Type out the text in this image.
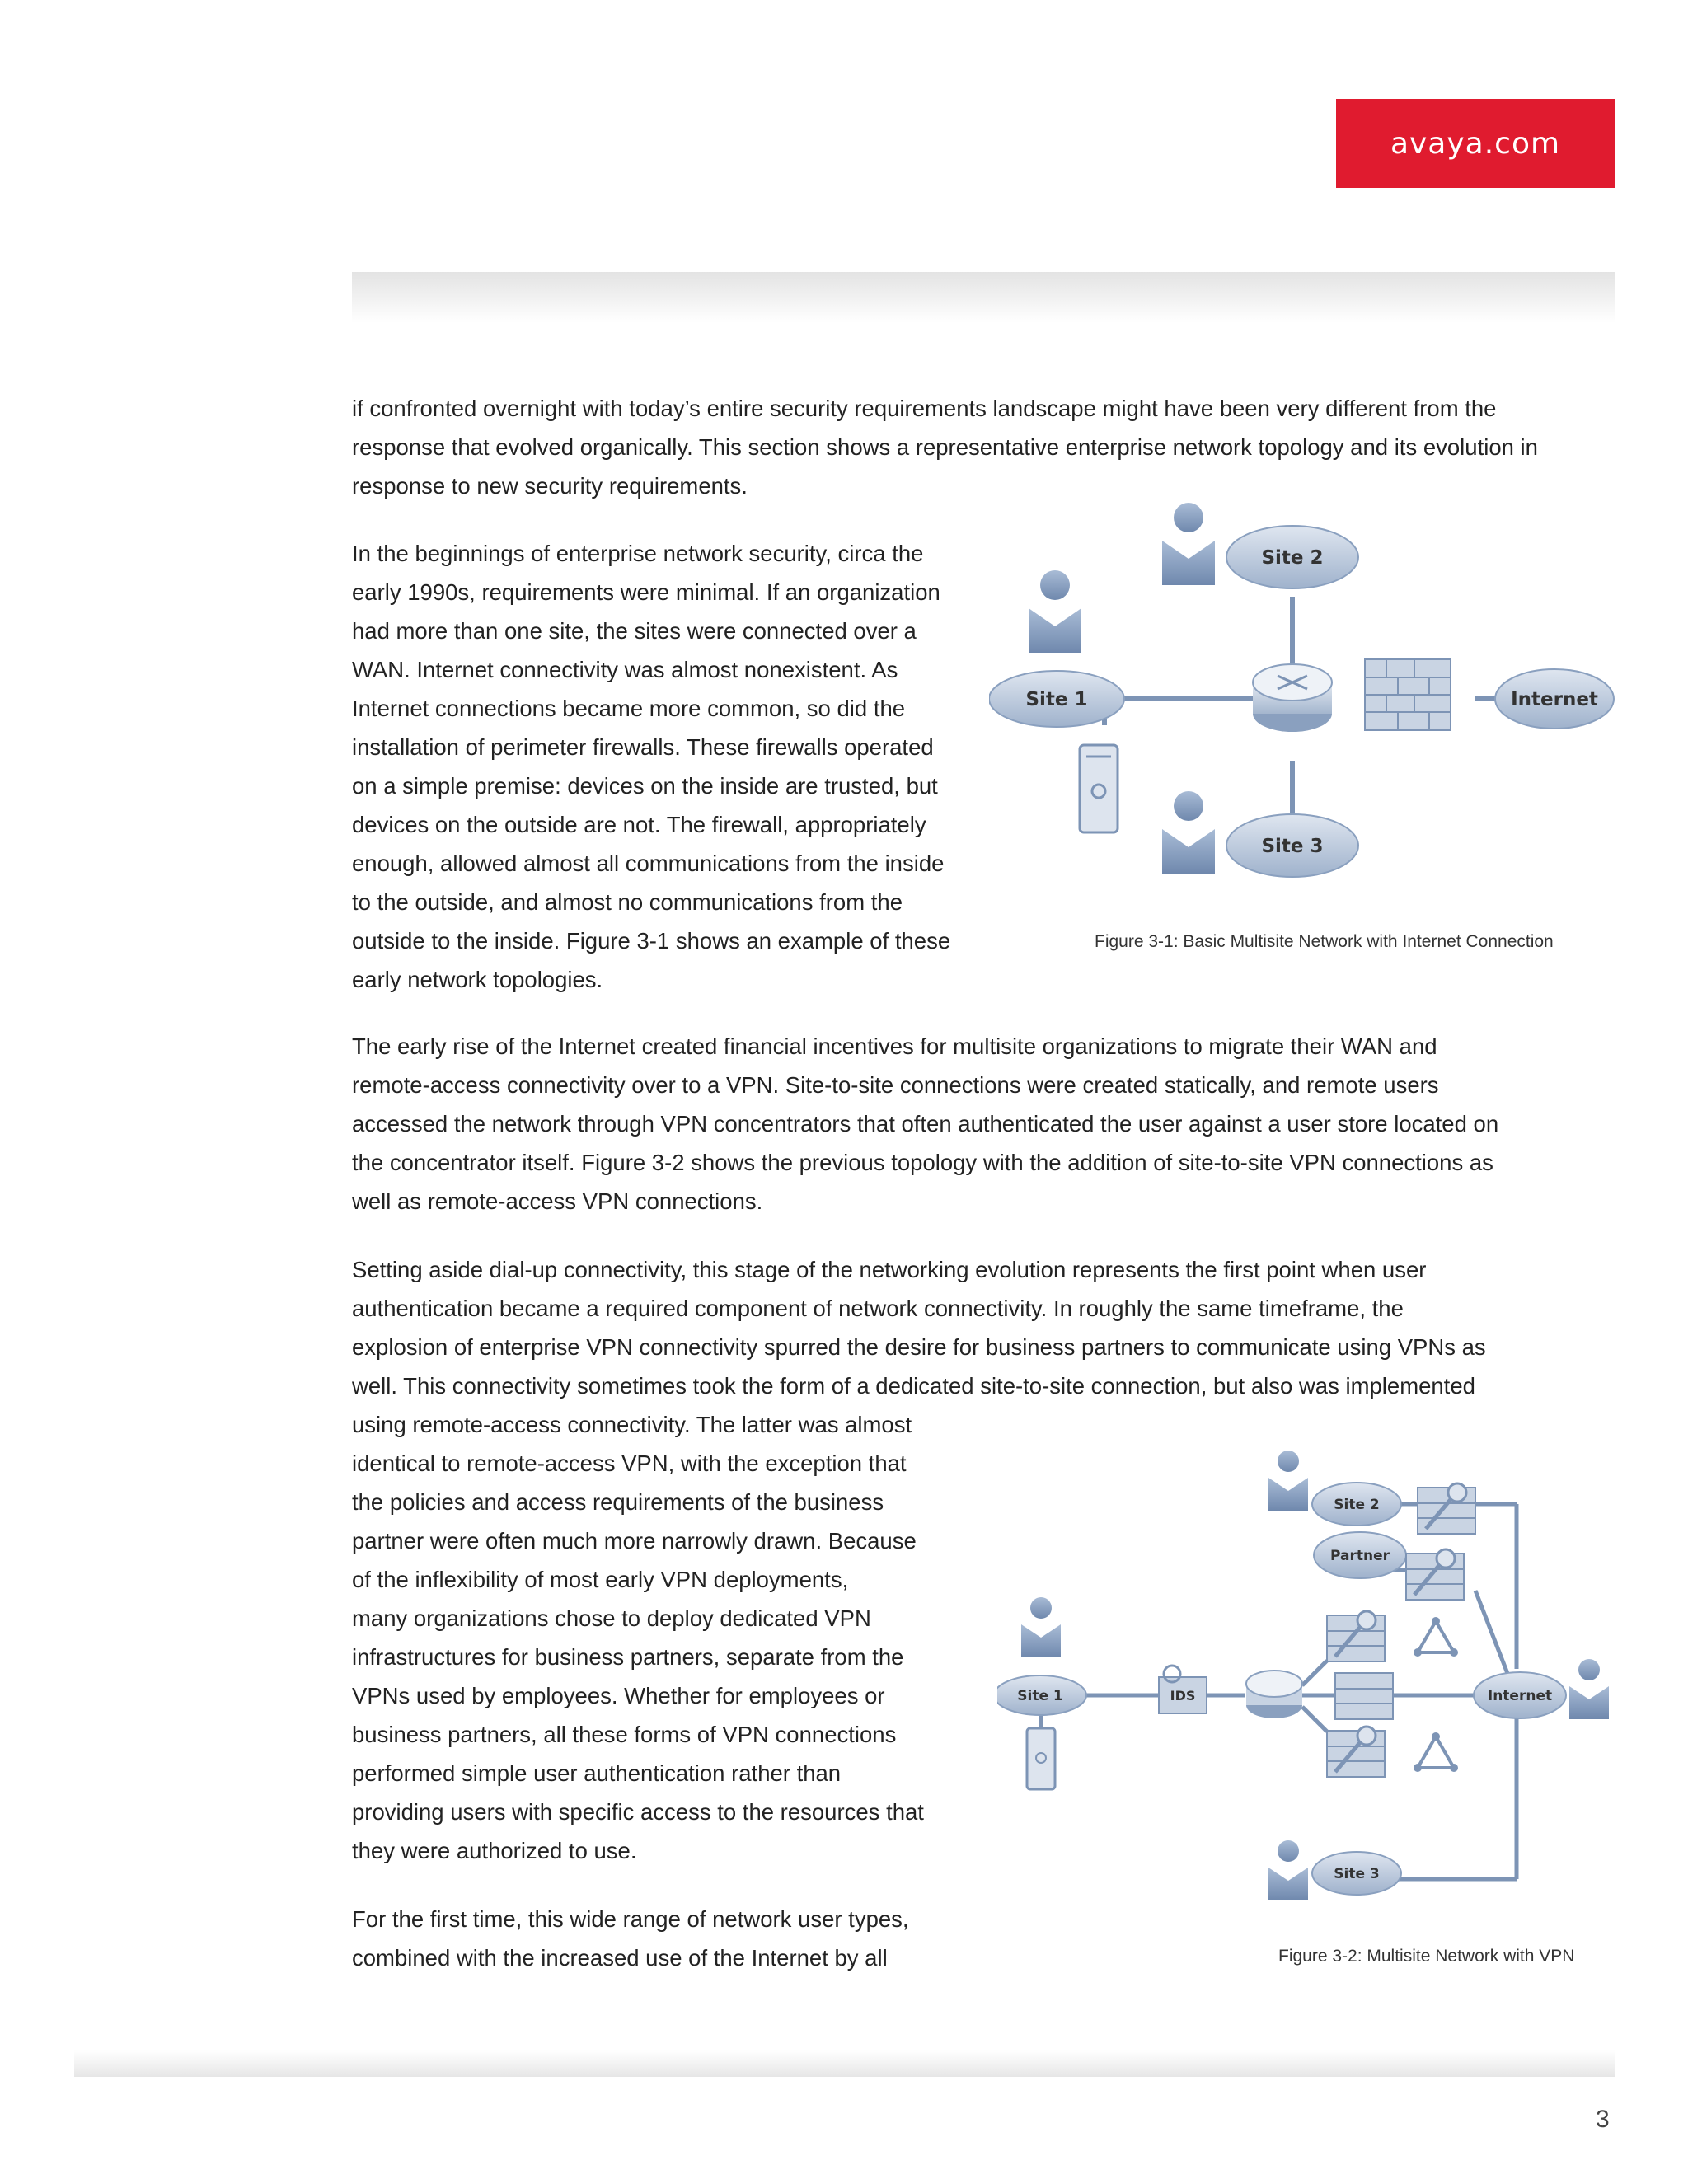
avaya.com
if confronted overnight with today’s entire security requirements landscape might have been very different from the
response that evolved organically. This section shows a representative enterprise network topology and its evolution in
response to new security requirements.
In the beginnings of enterprise network security, circa the
early 1990s, requirements were minimal. If an organization
had more than one site, the sites were connected over a
WAN. Internet connectivity was almost nonexistent. As
Internet connections became more common, so did the
installation of perimeter firewalls. These firewalls operated
on a simple premise: devices on the inside are trusted, but
devices on the outside are not. The firewall, appropriately
enough, allowed almost all communications from the inside
to the outside, and almost no communications from the
outside to the inside. Figure 3-1 shows an example of these
early network topologies.
Site 1
Site 2
Site 3
Internet
Figure 3-1: Basic Multisite Network with Internet Connection
The early rise of the Internet created financial incentives for multisite organizations to migrate their WAN and
remote-access connectivity over to a VPN. Site-to-site connections were created statically, and remote users
accessed the network through VPN concentrators that often authenticated the user against a user store located on
the concentrator itself. Figure 3-2 shows the previous topology with the addition of site-to-site VPN connections as
well as remote-access VPN connections.
Setting aside dial-up connectivity, this stage of the networking evolution represents the first point when user
authentication became a required component of network connectivity. In roughly the same timeframe, the
explosion of enterprise VPN connectivity spurred the desire for business partners to communicate using VPNs as
well. This connectivity sometimes took the form of a dedicated site-to-site connection, but also was implemented
using remote-access connectivity. The latter was almost
identical to remote-access VPN, with the exception that
the policies and access requirements of the business
partner were often much more narrowly drawn. Because
of the inflexibility of most early VPN deployments,
many organizations chose to deploy dedicated VPN
infrastructures for business partners, separate from the
VPNs used by employees. Whether for employees or
business partners, all these forms of VPN connections
performed simple user authentication rather than
providing users with specific access to the resources that
they were authorized to use.
Site 1
Site 2
Partner
Site 3
Internet
IDS
Figure 3-2: Multisite Network with VPN
For the first time, this wide range of network user types,
combined with the increased use of the Internet by all
3
